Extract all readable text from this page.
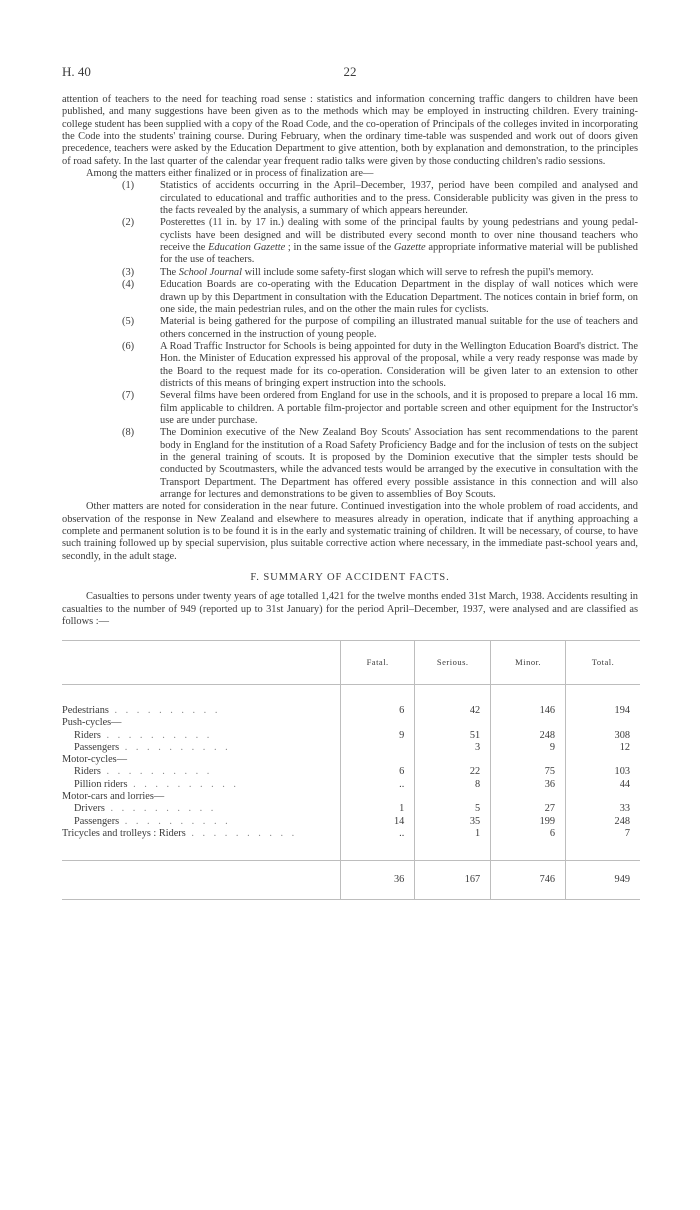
H. 40	22

attention of teachers to the need for teaching road sense : statistics and information concerning traffic dangers to children have been published, and many suggestions have been given as to the methods which may be employed in instructing children. Every training-college student has been supplied with a copy of the Road Code, and the co-operation of Principals of the colleges invited in incorporating the Code into the students' training course. During February, when the ordinary time-table was suspended and work out of doors given precedence, teachers were asked by the Education Department to give attention, both by explanation and demonstration, to the principles of road safety. In the last quarter of the calendar year frequent radio talks were given by those conducting children's radio sessions.

Among the matters either finalized or in process of finalization are—

(1) Statistics of accidents occurring in the April–December, 1937, period have been compiled and analysed and circulated to educational and traffic authorities and to the press. Considerable publicity was given in the press to the facts revealed by the analysis, a summary of which appears hereunder.
(2) Posterettes (11 in. by 17 in.) dealing with some of the principal faults by young pedestrians and young pedal-cyclists have been designed and will be distributed every second month to over nine thousand teachers who receive the Education Gazette ; in the same issue of the Gazette appropriate informative material will be published for the use of teachers.
(3) The School Journal will include some safety-first slogan which will serve to refresh the pupil's memory.
(4) Education Boards are co-operating with the Education Department in the display of wall notices which were drawn up by this Department in consultation with the Education Department. The notices contain in brief form, on one side, the main pedestrian rules, and on the other the main rules for cyclists.
(5) Material is being gathered for the purpose of compiling an illustrated manual suitable for the use of teachers and others concerned in the instruction of young people.
(6) A Road Traffic Instructor for Schools is being appointed for duty in the Wellington Education Board's district. The Hon. the Minister of Education expressed his approval of the proposal, while a very ready response was made by the Board to the request made for its co-operation. Consideration will be given later to an extension to other districts of this means of bringing expert instruction into the schools.
(7) Several films have been ordered from England for use in the schools, and it is proposed to prepare a local 16 mm. film applicable to children. A portable film-projector and portable screen and other equipment for the Instructor's use are under purchase.
(8) The Dominion executive of the New Zealand Boy Scouts' Association has sent recommendations to the parent body in England for the institution of a Road Safety Proficiency Badge and for the inclusion of tests on the subject in the general training of scouts. It is proposed by the Dominion executive that the simpler tests should be conducted by Scoutmasters, while the advanced tests would be arranged by the executive in consultation with the Transport Department. The Department has offered every possible assistance in this connection and will also arrange for lectures and demonstrations to be given to assemblies of Boy Scouts.

Other matters are noted for consideration in the near future. Continued investigation into the whole problem of road accidents, and observation of the response in New Zealand and elsewhere to measures already in operation, indicate that if anything approaching a complete and permanent solution is to be found it is in the early and systematic training of children. It will be necessary, of course, to have such training followed up by special supervision, plus suitable corrective action where necessary, in the immediate past-school years and, secondly, in the adult stage.

F. SUMMARY OF ACCIDENT FACTS.

Casualties to persons under twenty years of age totalled 1,421 for the twelve months ended 31st March, 1938. Accidents resulting in casualties to the number of 949 (reported up to 31st January) for the period April–December, 1937, were analysed and are classified as follows :—

	Fatal.	Serious.	Minor.	Total.

Pedestrians . . . . . . . . . .	6	42	146	194
Push-cycles—				
Riders . . . . . . . . . .	9	51	248	308
Passengers . . . . . . . . . .		3	9	12
Motor-cycles—				
Riders . . . . . . . . . .	6	22	75	103
Pillion riders . . . . . . . . . .	..	8	36	44
Motor-cars and lorries—				
Drivers . . . . . . . . . .	1	5	27	33
Passengers . . . . . . . . . .	14	35	199	248
Tricycles and trolleys : Riders . . . . . . . . . .	..	1	6	7

	36	167	746	949
